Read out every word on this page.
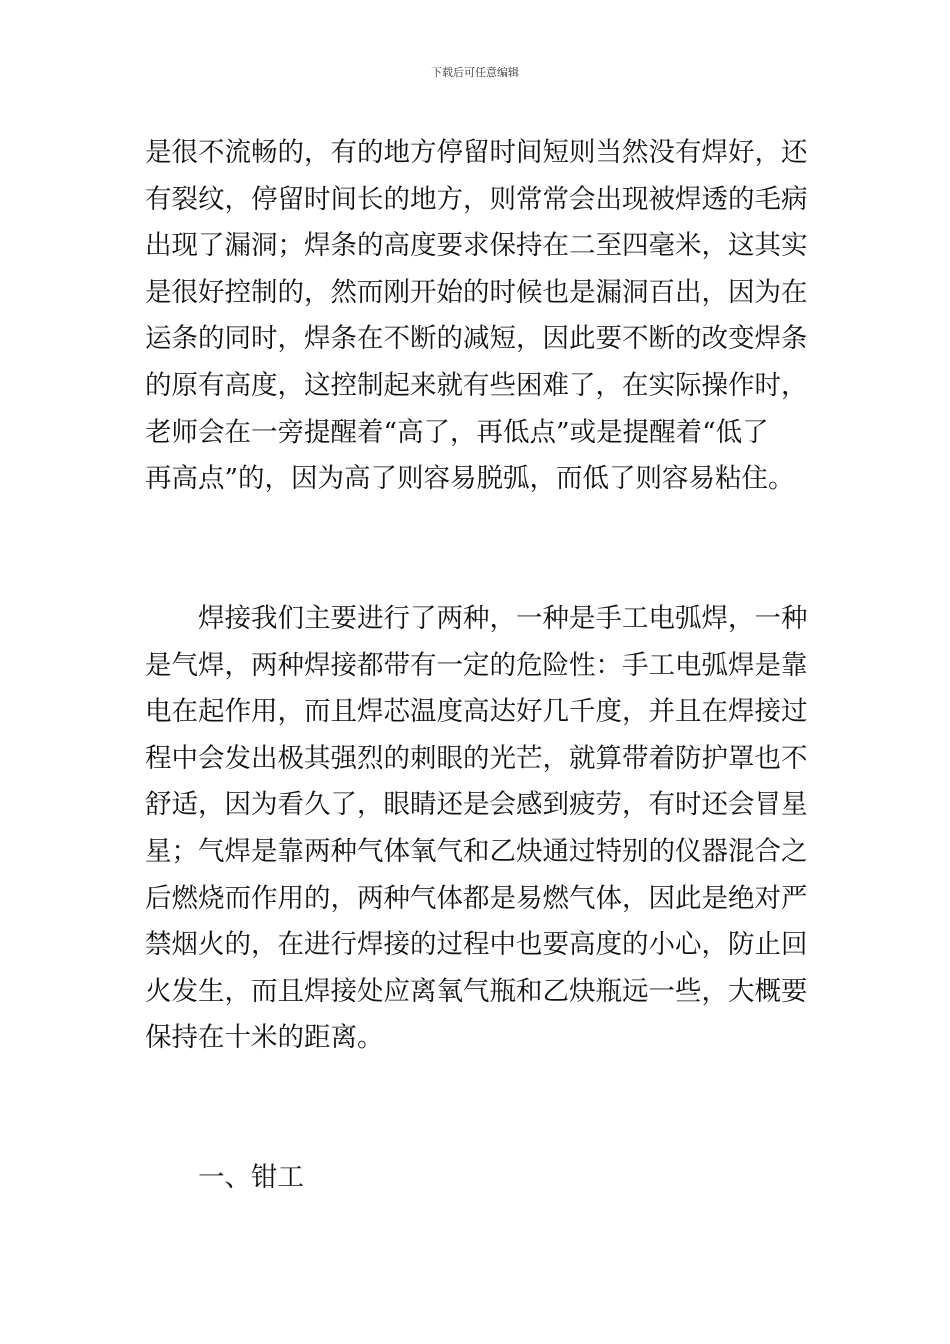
下载后可任意编辑
是很不流畅的，有的地方停留时间短则当然没有焊好，还
有裂纹，停留时间长的地方，则常常会出现被焊透的毛病
出现了漏洞；焊条的高度要求保持在二至四毫米，这其实
是很好控制的，然而刚开始的时候也是漏洞百出，因为在
运条的同时，焊条在不断的减短，因此要不断的改变焊条
的原有高度，这控制起来就有些困难了，在实际操作时，
老师会在一旁提醒着“高了，再低点”或是提醒着“低了
再高点”的，因为高了则容易脱弧，而低了则容易粘住。
焊接我们主要进行了两种，一种是手工电弧焊，一种
是气焊，两种焊接都带有一定的危险性：手工电弧焊是靠
电在起作用，而且焊芯温度高达好几千度，并且在焊接过
程中会发出极其强烈的刺眼的光芒，就算带着防护罩也不
舒适，因为看久了，眼睛还是会感到疲劳，有时还会冒星
星；气焊是靠两种气体氧气和乙炔通过特别的仪器混合之
后燃烧而作用的，两种气体都是易燃气体，因此是绝对严
禁烟火的，在进行焊接的过程中也要高度的小心，防止回
火发生，而且焊接处应离氧气瓶和乙炔瓶远一些，大概要
保持在十米的距离。
一、钳工
